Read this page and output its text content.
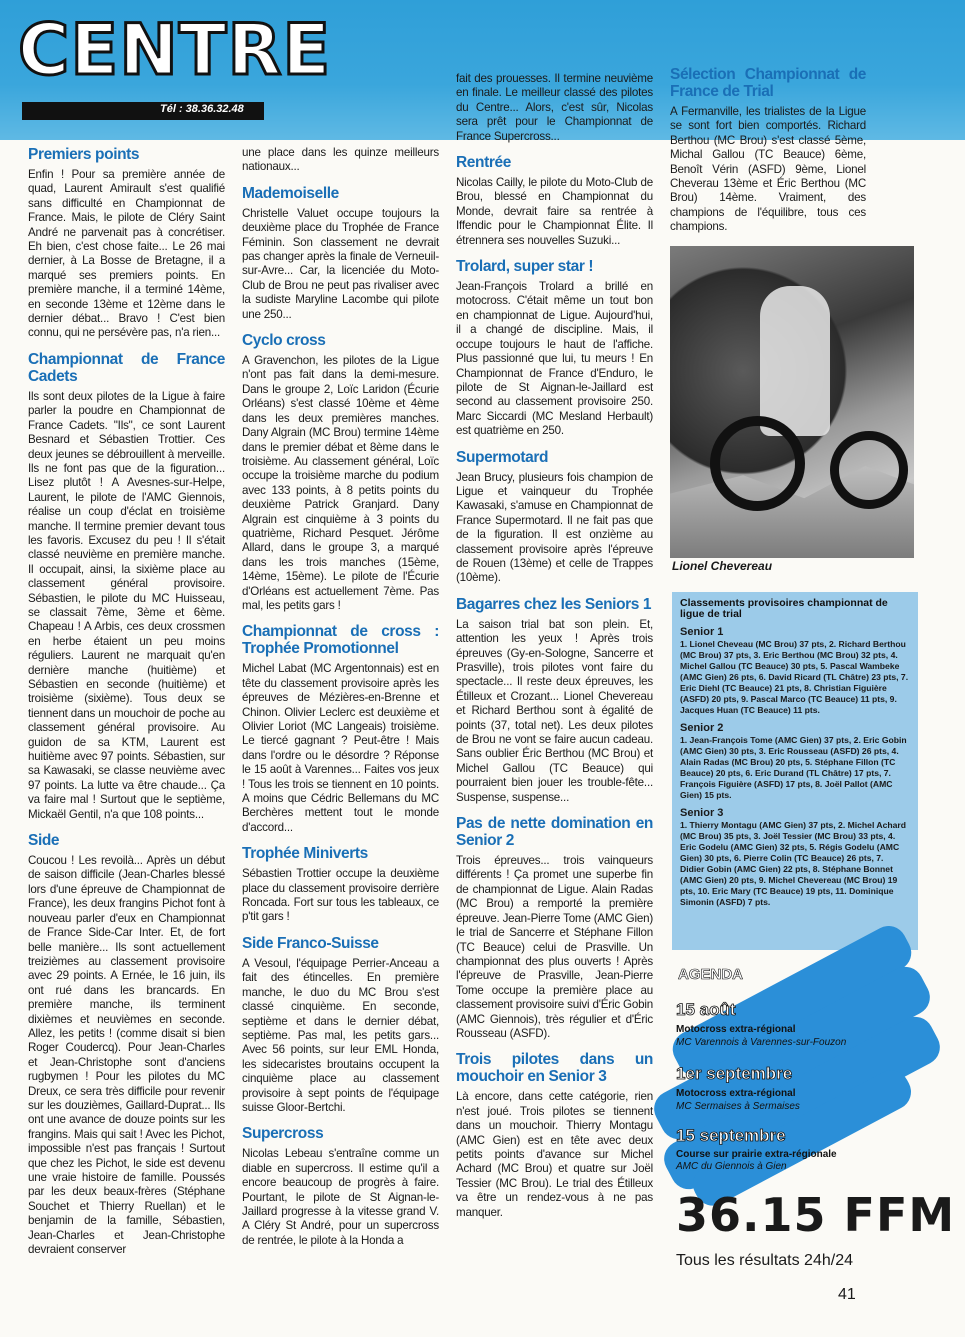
CENTRE
Tél : 38.36.32.48
Premiers points

Enfin ! Pour sa première année de quad, Laurent Amirault s'est qualifié sans difficulté en Championnat de France. Mais, le pilote de Cléry Saint André ne parvenait pas à concrétiser. Eh bien, c'est chose faite... Le 26 mai dernier, à La Bosse de Bretagne, il a marqué ses premiers points. En première manche, il a terminé 14ème, en seconde 13ème et 12ème dans le dernier débat... Bravo ! C'est bien connu, qui ne persévère pas, n'a rien...

Championnat de France Cadets

Ils sont deux pilotes de la Ligue à faire parler la poudre en Championnat de France Cadets. "Ils", ce sont Laurent Besnard et Sébastien Trottier. Ces deux jeunes se débrouillent à merveille. Ils ne font pas que de la figuration... Lisez plutôt ! A Avesnes-sur-Helpe, Laurent, le pilote de l'AMC Giennois, réalise un coup d'éclat en troisième manche. Il termine premier devant tous les favoris. Excusez du peu ! Il s'était classé neuvième en première manche. Il occupait, ainsi, la sixième place au classement général provisoire. Sébastien, le pilote du MC Huisseau, se classait 7ème, 3ème et 6ème. Chapeau ! A Arbis, ces deux crossmen en herbe étaient un peu moins réguliers. Laurent ne marquait qu'en dernière manche (huitième) et Sébastien en seconde (huitième) et troisième (sixième). Tous deux se tiennent dans un mouchoir de poche au classement général provisoire. Au guidon de sa KTM, Laurent est huitième avec 97 points. Sébastien, sur sa Kawasaki, se classe neuvième avec 97 points. La lutte va être chaude... Ça va faire mal ! Surtout que le septième, Mickaël Gentil, n'a que 108 points...

Side

Coucou ! Les revoilà... Après un début de saison difficile (Jean-Charles blessé lors d'une épreuve de Championnat de France), les deux frangins Pichot font à nouveau parler d'eux en Championnat de France Side-Car Inter. Et, de fort belle manière... Ils sont actuellement treizièmes au classement provisoire avec 29 points. A Ernée, le 16 juin, ils ont rué dans les brancards. En première manche, ils terminent dixièmes et neuvièmes en seconde. Allez, les petits ! (comme disait si bien Roger Coudercq). Pour Jean-Charles et Jean-Christophe sont d'anciens rugbymen ! Pour les pilotes du MC Dreux, ce sera très difficile pour revenir sur les douzièmes, Gaillard-Duprat... Ils ont une avance de douze points sur les frangins. Mais qui sait ! Avec les Pichot, impossible n'est pas français ! Surtout que chez les Pichot, le side est devenu une vraie histoire de famille. Poussés par les deux beaux-frères (Stéphane Souchet et Thierry Ruellan) et le benjamin de la famille, Sébastien, Jean-Charles et Jean-Christophe devraient conserver

une place dans les quinze meilleurs nationaux...

Mademoiselle

Christelle Valuet occupe toujours la deuxième place du Trophée de France Féminin. Son classement ne devrait pas changer après la finale de Verneuil-sur-Avre... Car, la licenciée du Moto-Club de Brou ne peut pas rivaliser avec la sudiste Maryline Lacombe qui pilote une 250...

Cyclo cross

A Gravenchon, les pilotes de la Ligue n'ont pas fait dans la demi-mesure. Dans le groupe 2, Loïc Laridon (Écurie Orléans) s'est classé 10ème et 4ème dans les deux premières manches. Dany Algrain (MC Brou) termine 14ème dans le premier débat et 8ème dans le troisième. Au classement général, Loïc occupe la troisième marche du podium avec 133 points, à 8 petits points du deuxième Patrick Granjard. Dany Algrain est cinquième à 3 points du quatrième, Richard Pesquet. Jérôme Allard, dans le groupe 3, a marqué dans les trois manches (15ème, 14ème, 15ème). Le pilote de l'Écurie d'Orléans est actuellement 7ème. Pas mal, les petits gars !

Championnat de cross : Trophée Promotionnel

Michel Labat (MC Argentonnais) est en tête du classement provisoire après les épreuves de Mézières-en-Brenne et Chinon. Olivier Leclerc est deuxième et Olivier Loriot (MC Langeais) troisième. Le tiercé gagnant ? Peut-être ! Mais dans l'ordre ou le désordre ? Réponse le 15 août à Varennes... Faites vos jeux ! Tous les trois se tiennent en 10 points. A moins que Cédric Bellemans du MC Berchères mettent tout le monde d'accord...

Trophée Miniverts

Sébastien Trottier occupe la deuxième place du classement provisoire derrière Roncada. Fort sur tous les tableaux, ce p'tit gars !

Side Franco-Suisse

A Vesoul, l'équipage Perrier-Anceau a fait des étincelles. En première manche, le duo du MC Brou s'est classé cinquième. En seconde, septième et dans le dernier débat, septième. Pas mal, les petits gars... Avec 56 points, sur leur EML Honda, les sidecaristes broutains occupent la cinquième place au classement provisoire à sept points de l'équipage suisse Gloor-Bertchi.

Supercross

Nicolas Lebeau s'entraîne comme un diable en supercross. Il estime qu'il a encore beaucoup de progrès à faire. Pourtant, le pilote de St Aignan-le-Jaillard progresse à la vitesse grand V. A Cléry St André, pour un supercross de rentrée, le pilote à la Honda a

fait des prouesses. Il termine neuvième en finale. Le meilleur classé des pilotes du Centre... Alors, c'est sûr, Nicolas sera prêt pour le Championnat de France Supercross...

Rentrée

Nicolas Cailly, le pilote du Moto-Club de Brou, blessé en Championnat du Monde, devrait faire sa rentrée à Iffendic pour le Championnat Élite. Il étrennera ses nouvelles Suzuki...

Trolard, super star !

Jean-François Trolard a brillé en motocross. C'était même un tout bon en championnat de Ligue. Aujourd'hui, il a changé de discipline. Mais, il occupe toujours le haut de l'affiche. Plus passionné que lui, tu meurs ! En Championnat de France d'Enduro, le pilote de St Aignan-le-Jaillard est second au classement provisoire 250. Marc Siccardi (MC Mesland Herbault) est quatrième en 250.

Supermotard

Jean Brucy, plusieurs fois champion de Ligue et vainqueur du Trophée Kawasaki, s'amuse en Championnat de France Supermotard. Il ne fait pas que de la figuration. Il est onzième au classement provisoire après l'épreuve de Rouen (13ème) et celle de Trappes (10ème).

Bagarres chez les Seniors 1

La saison trial bat son plein. Et, attention les yeux ! Après trois épreuves (Gy-en-Sologne, Sancerre et Prasville), trois pilotes vont faire du spectacle... Il reste deux épreuves, les Étilleux et Crozant... Lionel Chevereau et Richard Berthou sont à égalité de points (37, total net). Les deux pilotes de Brou ne vont se faire aucun cadeau. Sans oublier Éric Berthou (MC Brou) et Michel Gallou (TC Beauce) qui pourraient bien jouer les trouble-fête... Suspense, suspense...

Pas de nette domination en Senior 2

Trois épreuves... trois vainqueurs différents ! Ça promet une superbe fin de championnat de Ligue. Alain Radas (MC Brou) a remporté la première épreuve. Jean-Pierre Tome (AMC Gien) le trial de Sancerre et Stéphane Fillon (TC Beauce) celui de Prasville. Un championnat des plus ouverts ! Après l'épreuve de Prasville, Jean-Pierre Tome occupe la première place au classement provisoire suivi d'Éric Gobin (AMC Giennois), très régulier et d'Éric Rousseau (ASFD).

Trois pilotes dans un mouchoir en Senior 3

Là encore, dans cette catégorie, rien n'est joué. Trois pilotes se tiennent dans un mouchoir. Thierry Montagu (AMC Gien) est en tête avec deux petits points d'avance sur Michel Achard (MC Brou) et quatre sur Joël Tessier (MC Brou). Le trial des Étilleux va être un rendez-vous à ne pas manquer.

Sélection Championnat de France de Trial

A Fermanville, les trialistes de la Ligue se sont fort bien comportés. Richard Berthou (MC Brou) s'est classé 5ème, Michal Gallou (TC Beauce) 6ème, Benoît Vérin (ASFD) 9ème, Lionel Cheverau 13ème et Éric Berthou (MC Brou) 14ème. Vraiment, des champions de l'équilibre, tous ces champions.

Lionel Chevereau
Classements provisoires championnat de ligue de trial
Senior 1

1. Lionel Cheveau (MC Brou) 37 pts, 2. Richard Berthou (MC Brou) 37 pts, 3. Eric Berthou (MC Brou) 32 pts, 4. Michel Gallou (TC Beauce) 30 pts, 5. Pascal Wambeke (AMC Gien) 26 pts, 6. David Ricard (TL Châtre) 23 pts, 7. Eric Diehl (TC Beauce) 21 pts, 8. Christian Figuière (ASFD) 20 pts, 9. Pascal Marco (TC Beauce) 11 pts, 9. Jacques Huan (TC Beauce) 11 pts.

Senior 2

1. Jean-François Tome (AMC Gien) 37 pts, 2. Eric Gobin (AMC Gien) 30 pts, 3. Eric Rousseau (ASFD) 26 pts, 4. Alain Radas (MC Brou) 20 pts, 5. Stéphane Fillon (TC Beauce) 20 pts, 6. Eric Durand (TL Châtre) 17 pts, 7. François Figuière (ASFD) 17 pts, 8. Joël Pallot (AMC Gien) 15 pts.

Senior 3

1. Thierry Montagu (AMC Gien) 37 pts, 2. Michel Achard (MC Brou) 35 pts, 3. Joël Tessier (MC Brou) 33 pts, 4. Eric Godelu (AMC Gien) 32 pts, 5. Régis Godelu (AMC Gien) 30 pts, 6. Pierre Colin (TC Beauce) 26 pts, 7. Didier Gobin (AMC Gien) 22 pts, 8. Stéphane Bonnet (AMC Gien) 20 pts, 9. Michel Chevereau (MC Brou) 19 pts, 10. Eric Mary (TC Beauce) 19 pts, 11. Dominique Simonin (ASFD) 7 pts.

AGENDA
15 août
Motocross extra-régional
MC Varennois à Varennes-sur-Fouzon
1er septembre
Motocross extra-régional
MC Sermaises à Sermaises
15 septembre
Course sur prairie extra-régionale
AMC du Giennois à Gien
36.15 FFM
Tous les résultats 24h/24
41
